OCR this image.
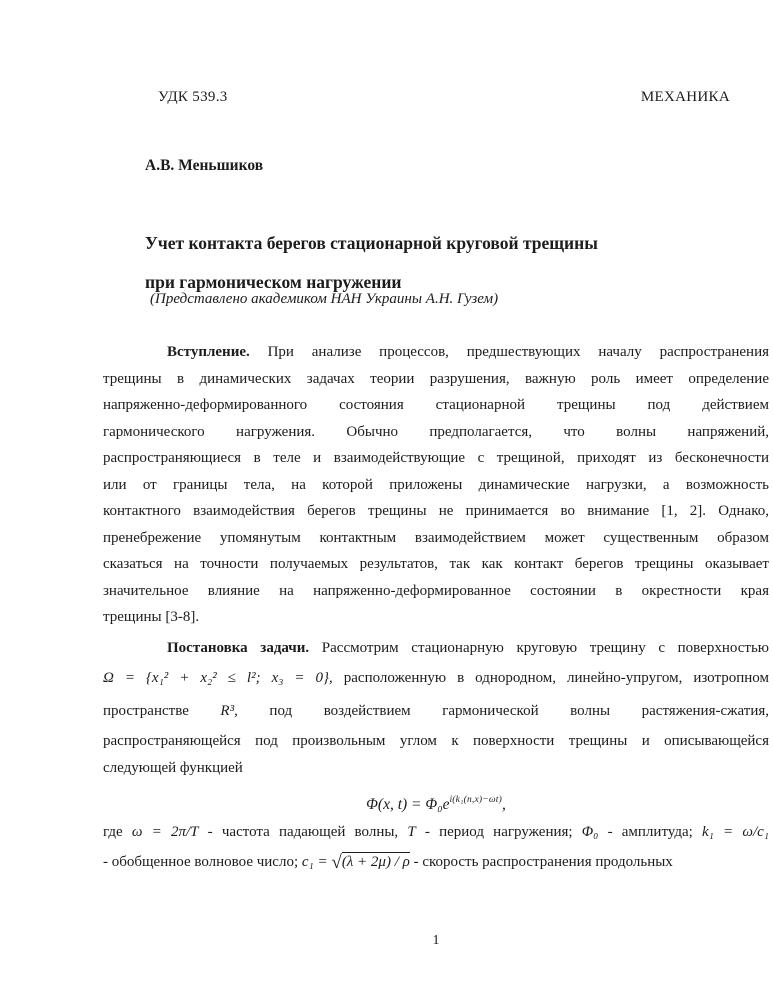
УДК 539.3	МЕХАНИКА
А.В. Меньшиков
Учет контакта берегов стационарной круговой трещины
при гармоническом нагружении
(Представлено академиком НАН Украины А.Н. Гузем)
Вступление. При анализе процессов, предшествующих началу распространения
трещины в динамических задачах теории разрушения, важную роль имеет определение
напряженно-деформированного состояния стационарной трещины под действием
гармонического нагружения. Обычно предполагается, что волны напряжений,
распространяющиеся в теле и взаимодействующие с трещиной, приходят из бесконечности
или от границы тела, на которой приложены динамические нагрузки, а возможность
контактного взаимодействия берегов трещины не принимается во внимание [1, 2]. Однако,
пренебрежение упомянутым контактным взаимодействием может существенным образом
сказаться на точности получаемых результатов, так как контакт берегов трещины оказывает
значительное влияние на напряженно-деформированное состоянии в окрестности края
трещины [3-8].
Постановка задачи. Рассмотрим стационарную круговую трещину с поверхностью
Ω = {x₁² + x₂² ≤ l²; x₃ = 0}, расположенную в однородном, линейно-упругом, изотропном
пространстве R³, под воздействием гармонической волны растяжения-сжатия,
распространяющейся под произвольным углом к поверхности трещины и описывающейся
следующей функцией
Φ(x, $t) = \Phi_0e^{i(k_1(n,x)-\omega t)}$,
где ω = 2π/T - частота падающей волны, T - период нагружения; Φ₀ - амплитуда; k₁ = ω/c₁
- обобщенное волновое число; c₁ = √(λ + 2μ) / ρ - скорость распространения продольных
1
